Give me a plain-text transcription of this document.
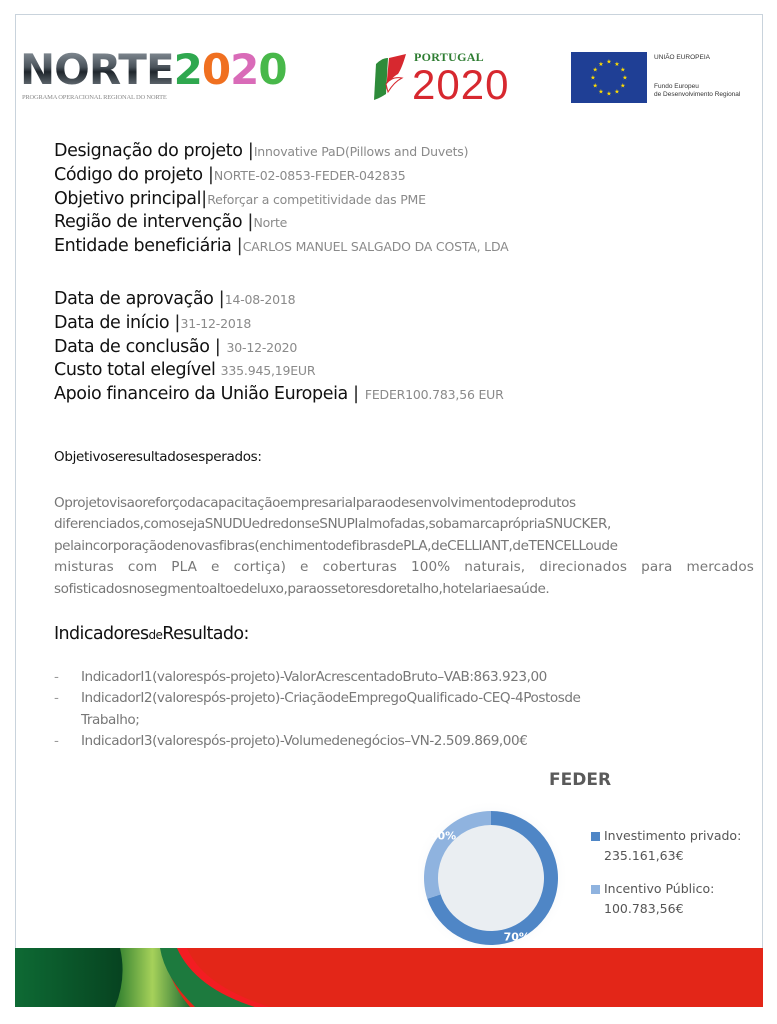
NORTE2020
PROGRAMA OPERACIONAL REGIONAL DO NORTE
PORTUGAL
2020	★ ★
★
★
★
★
★
★
★
★
★
★
UNIÃO EUROPEIA
Fundo Europeu
de Desenvolvimento Regional
Designação do projeto |Innovative PaD(Pillows and Duvets)
Código do projeto |NORTE-02-0853-FEDER-042835
Objetivo principal|Reforçar a competitividade das PME
Região de intervenção |Norte
Entidade beneficiária |CARLOS MANUEL SALGADO DA COSTA, LDA
Data de aprovação |14-08-2018
Data de início |31-12-2018
Data de conclusão | 30-12-2020
Custo total elegível 335.945,19EUR
Apoio financeiro da União Europeia | FEDER100.783,56 EUR
Objetivoseresultadosesperados:
Oprojetovisaoreforçodacapacitaçãoempresarialparaodesenvolvimentodeprodutos
diferenciados,comosejaSNUDUedredonseSNUPIalmofadas,sobamarcaprópriaSNUCKER,
pelaincorporaçãodenovasfibras(enchimentodefibrasdePLA,deCELLIANT,deTENCELLoude
misturas com PLA e cortiça) e coberturas 100% naturais, direcionados para mercados
sofisticadosnosegmentoaltoedeluxo,paraossetoresdoretalho,hotelariaesaúde.
IndicadoresdeResultado:
- IndicadorI1(valorespós-projeto)-ValorAcrescentadoBruto–VAB:863.923,00
- IndicadorI2(valorespós-projeto)-CriaçãodeEmpregoQualificado-CEQ-4Postosde
Trabalho;
- IndicadorI3(valorespós-projeto)-Volumedenegócios–VN-2.509.869,00€
FEDER
70%
30%	Investimento privado:
235.161,63€
Incentivo Público:
100.783,56€
